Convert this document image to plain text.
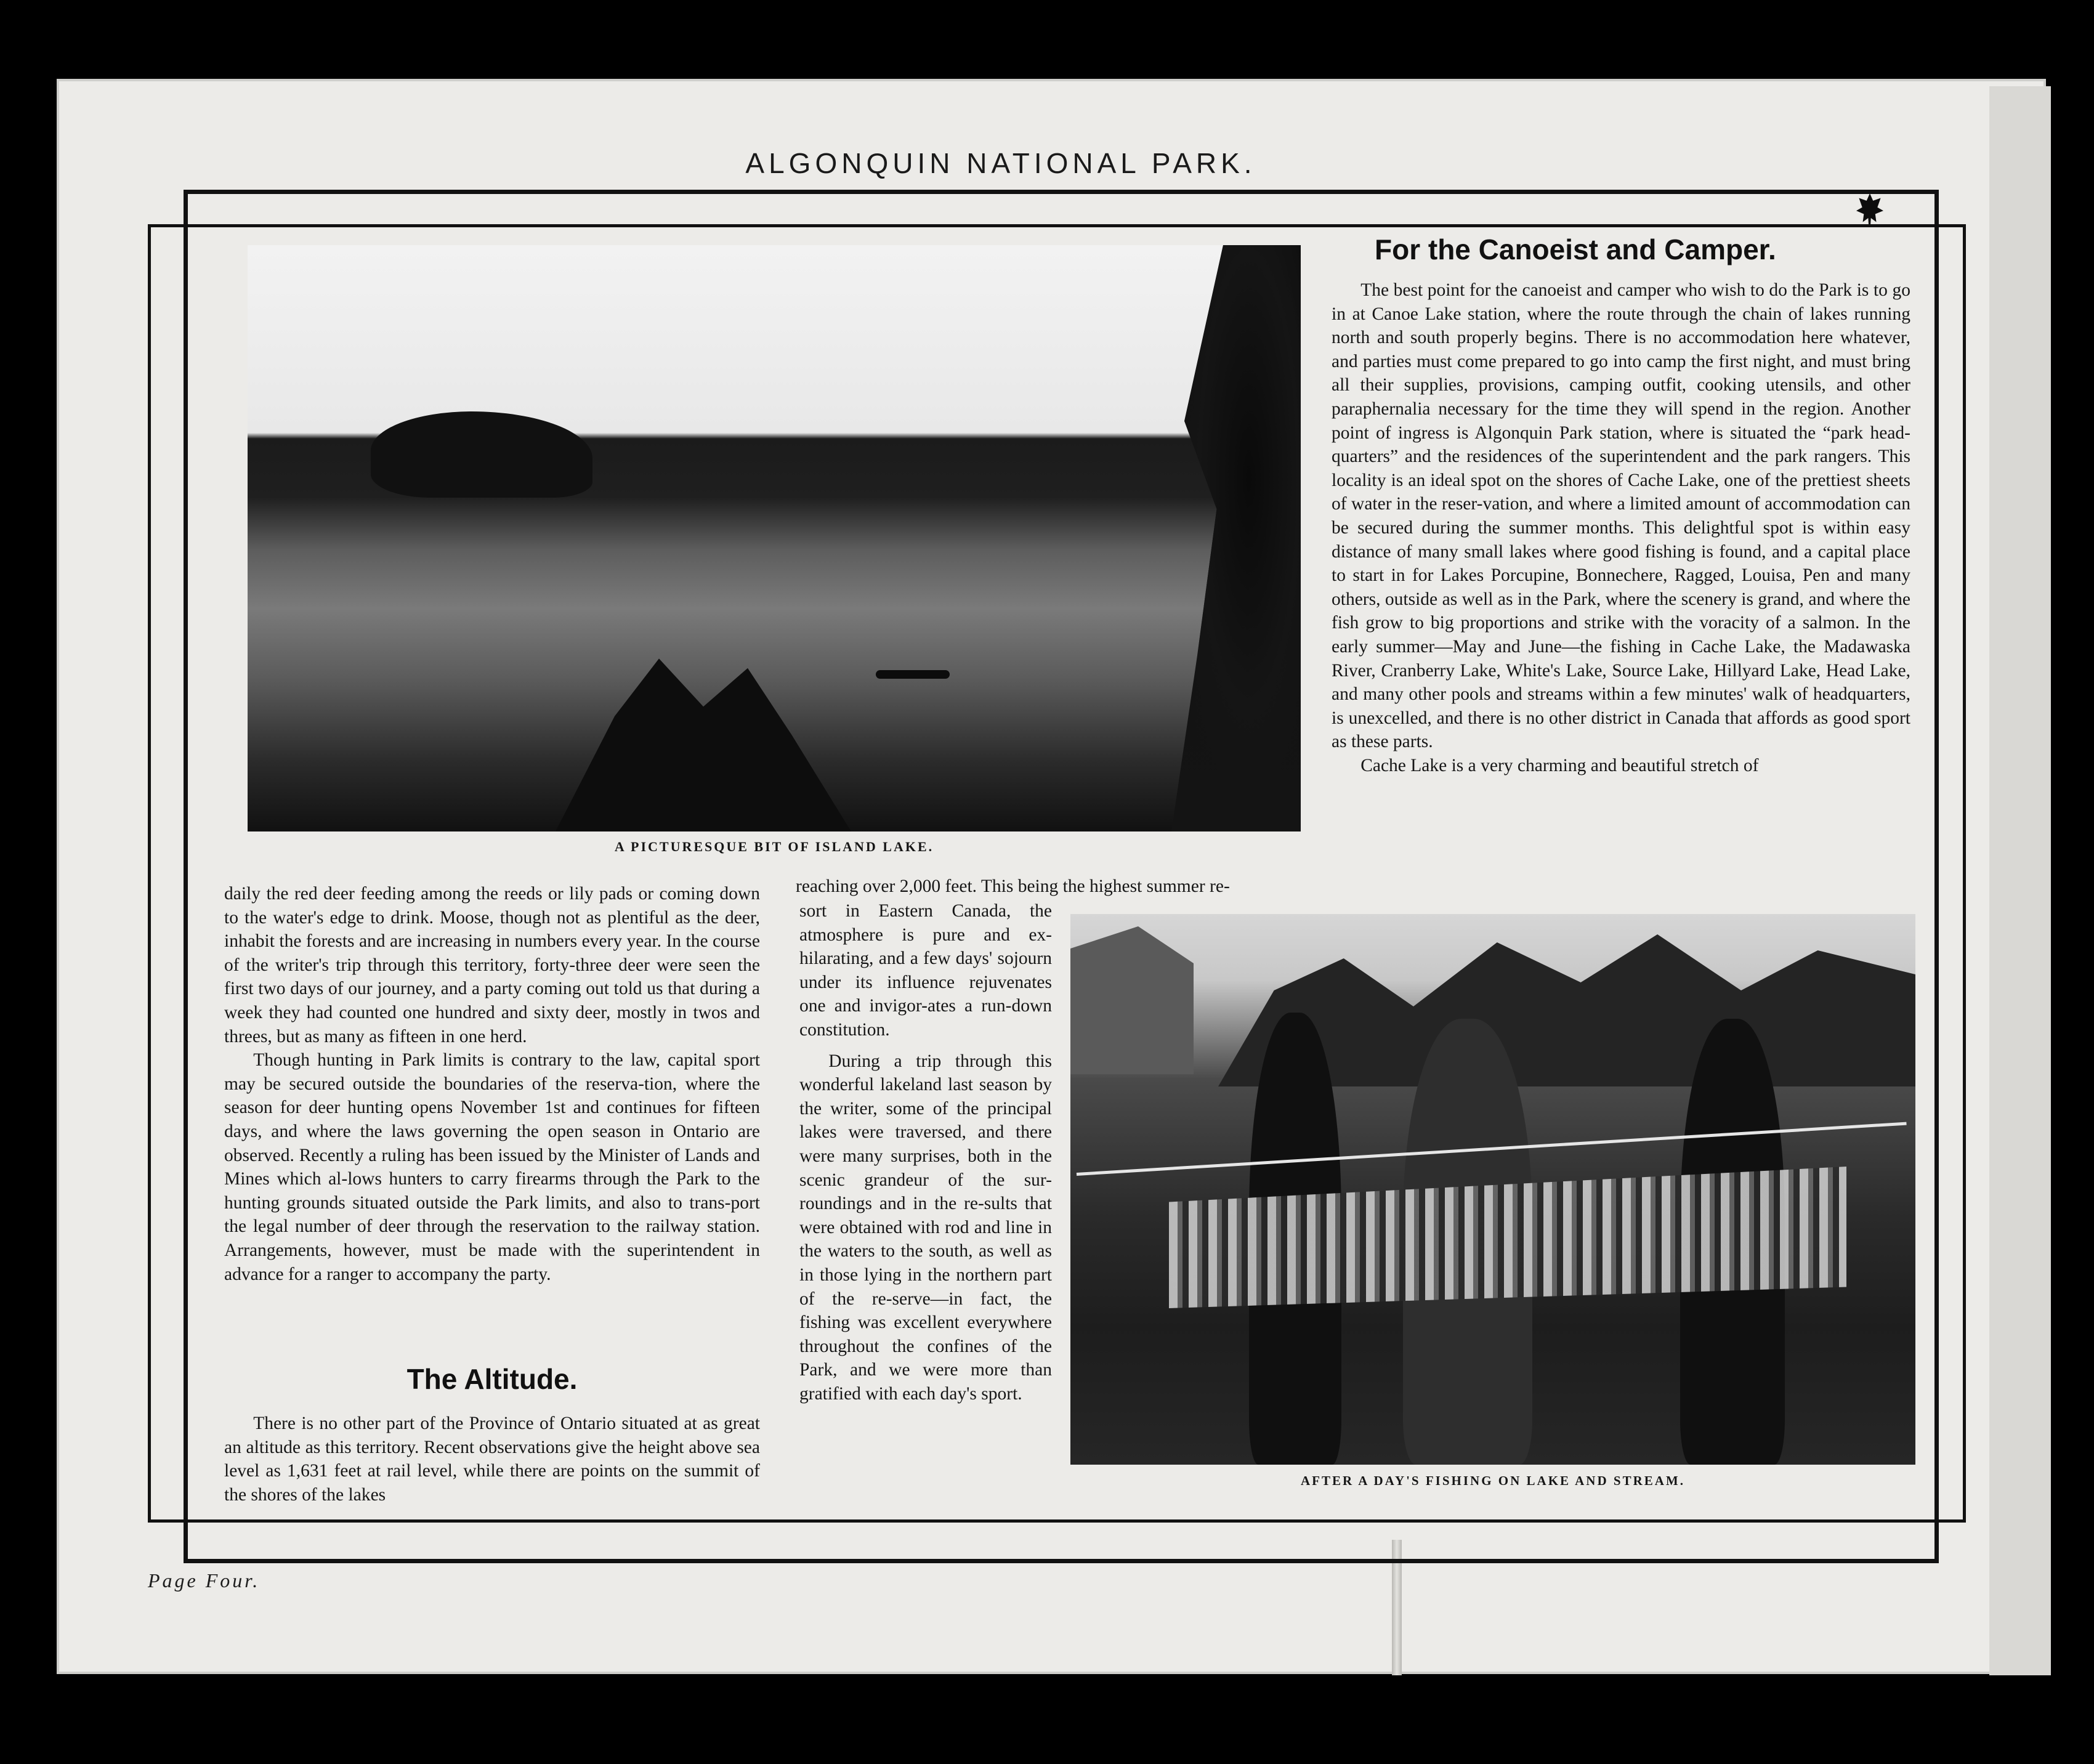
ALGONQUIN NATIONAL PARK.
A PICTURESQUE BIT OF ISLAND LAKE.
For the Canoeist and Camper.

The best point for the canoeist and camper who wish to do the Park is to go in at Canoe Lake station, where the route through the chain of lakes running north and south properly begins. There is no accommodation here whatever, and parties must come prepared to go into camp the first night, and must bring all their supplies, provisions, camping outfit, cooking utensils, and other paraphernalia necessary for the time they will spend in the region. Another point of ingress is Algonquin Park station, where is situated the “park head-quarters” and the residences of the superintendent and the park rangers. This locality is an ideal spot on the shores of Cache Lake, one of the prettiest sheets of water in the reser-vation, and where a limited amount of accommodation can be secured during the summer months. This delightful spot is within easy distance of many small lakes where good fishing is found, and a capital place to start in for Lakes Porcupine, Bonnechere, Ragged, Louisa, Pen and many others, outside as well as in the Park, where the scenery is grand, and where the fish grow to big proportions and strike with the voracity of a salmon. In the early summer—May and June—the fishing in Cache Lake, the Madawaska River, Cranberry Lake, White's Lake, Source Lake, Hillyard Lake, Head Lake, and many other pools and streams within a few minutes' walk of headquarters, is unexcelled, and there is no other district in Canada that affords as good sport as these parts.

Cache Lake is a very charming and beautiful stretch of

daily the red deer feeding among the reeds or lily pads or coming down to the water's edge to drink. Moose, though not as plentiful as the deer, inhabit the forests and are increasing in numbers every year. In the course of the writer's trip through this territory, forty-three deer were seen the first two days of our journey, and a party coming out told us that during a week they had counted one hundred and sixty deer, mostly in twos and threes, but as many as fifteen in one herd.

Though hunting in Park limits is contrary to the law, capital sport may be secured outside the boundaries of the reserva-tion, where the season for deer hunting opens November 1st and continues for fifteen days, and where the laws governing the open season in Ontario are observed. Recently a ruling has been issued by the Minister of Lands and Mines which al-lows hunters to carry firearms through the Park to the hunting grounds situated outside the Park limits, and also to trans-port the legal number of deer through the reservation to the railway station. Arrangements, however, must be made with the superintendent in advance for a ranger to accompany the party.

The Altitude.

There is no other part of the Province of Ontario situated at as great an altitude as this territory. Recent observations give the height above sea level as 1,631 feet at rail level, while there are points on the summit of the shores of the lakes

reaching over 2,000 feet. This being the highest summer re-

sort in Eastern Canada, the atmosphere is pure and ex-hilarating, and a few days' sojourn under its influence rejuvenates one and invigor-ates a run-down constitution.

During a trip through this wonderful lakeland last season by the writer, some of the principal lakes were traversed, and there were many surprises, both in the scenic grandeur of the sur-roundings and in the re-sults that were obtained with rod and line in the waters to the south, as well as in those lying in the northern part of the re-serve—in fact, the fishing was excellent everywhere throughout the confines of the Park, and we were more than gratified with each day's sport.

AFTER A DAY'S FISHING ON LAKE AND STREAM.
Page Four.
